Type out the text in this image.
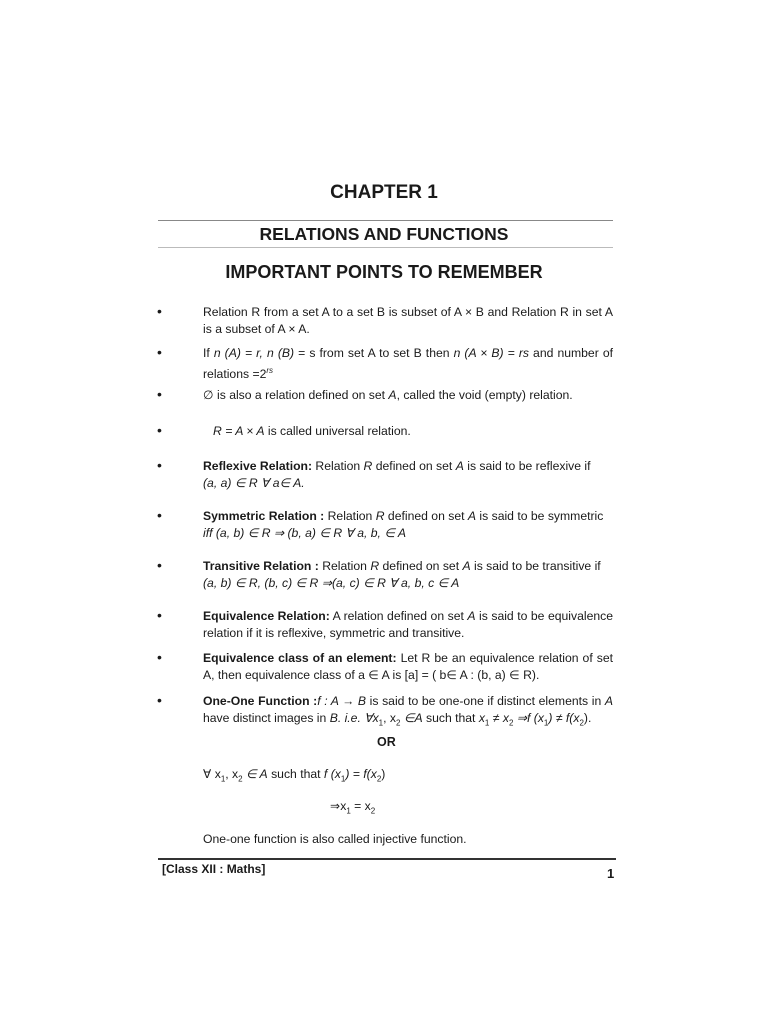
CHAPTER 1
RELATIONS AND FUNCTIONS
IMPORTANT POINTS TO REMEMBER
•	Relation R from a set A to a set B is subset of A × B and Relation R in set A is a subset of A × A.
•	If n (A) = r, n (B) = s from set A to set B then n (A × B) = rs and number of relations $=2^{rs}$
•	∅ is also a relation defined on set A, called the void (empty) relation.
•	R = A × A is called universal relation.
•	Reflexive Relation: Relation R defined on set A is said to be reflexive if
(a, a) ∈ R ∀ a∈ A.
•	Symmetric Relation : Relation R defined on set A is said to be symmetric
iff (a, b) ∈ R ⇒ (b, a) ∈ R ∀ a, b, ∈ A
•	Transitive Relation : Relation R defined on set A is said to be transitive if
(a, b) ∈ R, (b, c) ∈ R ⇒(a, c) ∈ R ∀ a, b, c ∈ A
•	Equivalence Relation: A relation defined on set A is said to be equivalence relation if it is reflexive, symmetric and transitive.
•	Equivalence class of an element: Let R be an equivalence relation of set A, then equivalence class of a ∈ A is [a] = ( b∈ A : (b, a) ∈ R).
•	One-One Function :f : A → B is said to be one-one if distinct elements in A have distinct images in B. i.e. $\forall x_1$, $x_2$ ∈A such that $x_1 \ne x_2$ ⇒f $(x_1) \ne f(x_2)$.
OR
∀ $x_1$, $x_2$ ∈ A such that f $(x_1) = f(x_2)$
$\Rightarrow x_1 = x_2$
One-one function is also called injective function.
[Class XII : Maths]	1
